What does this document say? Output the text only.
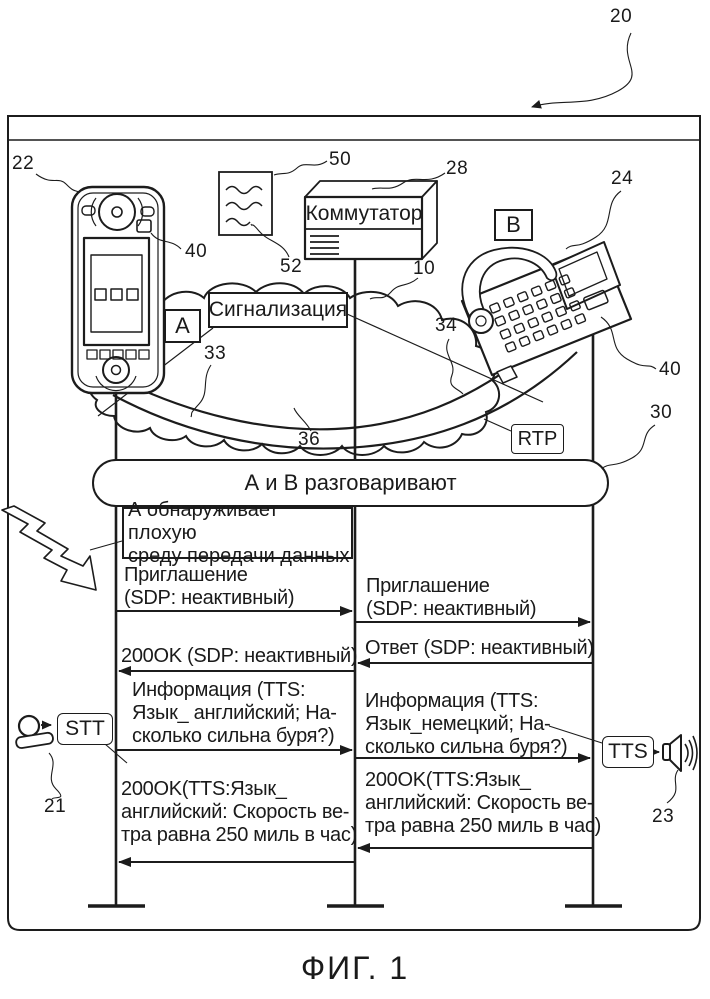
А и В разговаривают
А обнаруживает плохую
среду передачи данных
Сигнализация
А
В
RTP
STT
TTS
Коммутатор
Приглашение
(SDP: неактивный)
Приглашение
(SDP: неактивный)
Ответ (SDP: неактивный)
200OK (SDP: неактивный)
Информация (TTS:
Язык_ английский; На-
сколько сильна буря?)
Информация (TTS:
Язык_немецкий; На-
сколько сильна буря?)
200OK(TTS:Язык_
английский: Скорость ве-
тра равна 250 миль в час)
200OK(TTS:Язык_
английский: Скорость ве-
тра равна 250 миль в час)
20
22	50
52
28	24
10
40
40
33
34
36
30
21	23
ФИГ. 1
